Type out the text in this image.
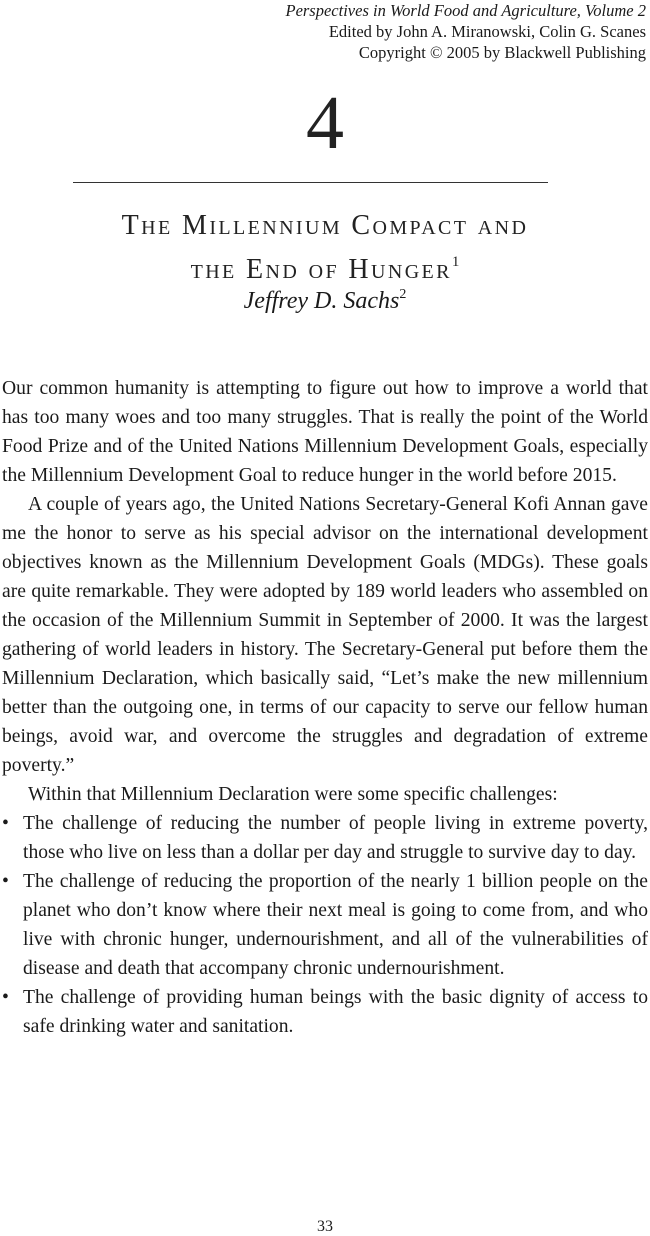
Perspectives in World Food and Agriculture, Volume 2
Edited by John A. Miranowski, Colin G. Scanes
Copyright © 2005 by Blackwell Publishing
4
The Millennium Compact and
the End of Hunger$^1$
Jeffrey D. Sachs$^2$

Our common humanity is attempting to figure out how to improve a world that has too many woes and too many struggles. That is really the point of the World Food Prize and of the United Nations Millennium Development Goals, especially the Millennium Development Goal to reduce hunger in the world before 2015.

A couple of years ago, the United Nations Secretary-General Kofi Annan gave me the honor to serve as his special advisor on the international development objectives known as the Millennium Development Goals (MDGs). These goals are quite remarkable. They were adopted by 189 world leaders who assembled on the occasion of the Millennium Summit in September of 2000. It was the largest gathering of world leaders in history. The Secretary-General put before them the Millennium Declaration, which basically said, “Let’s make the new millennium better than the outgoing one, in terms of our capacity to serve our fellow human beings, avoid war, and overcome the struggles and degradation of extreme poverty.”

Within that Millennium Declaration were some specific challenges:

• The challenge of reducing the number of people living in extreme poverty, those who live on less than a dollar per day and struggle to survive day to day.
• The challenge of reducing the proportion of the nearly 1 billion people on the planet who don’t know where their next meal is going to come from, and who live with chronic hunger, undernourishment, and all of the vulnerabilities of disease and death that accompany chronic undernourishment.
• The challenge of providing human beings with the basic dignity of access to safe drinking water and sanitation.
33
